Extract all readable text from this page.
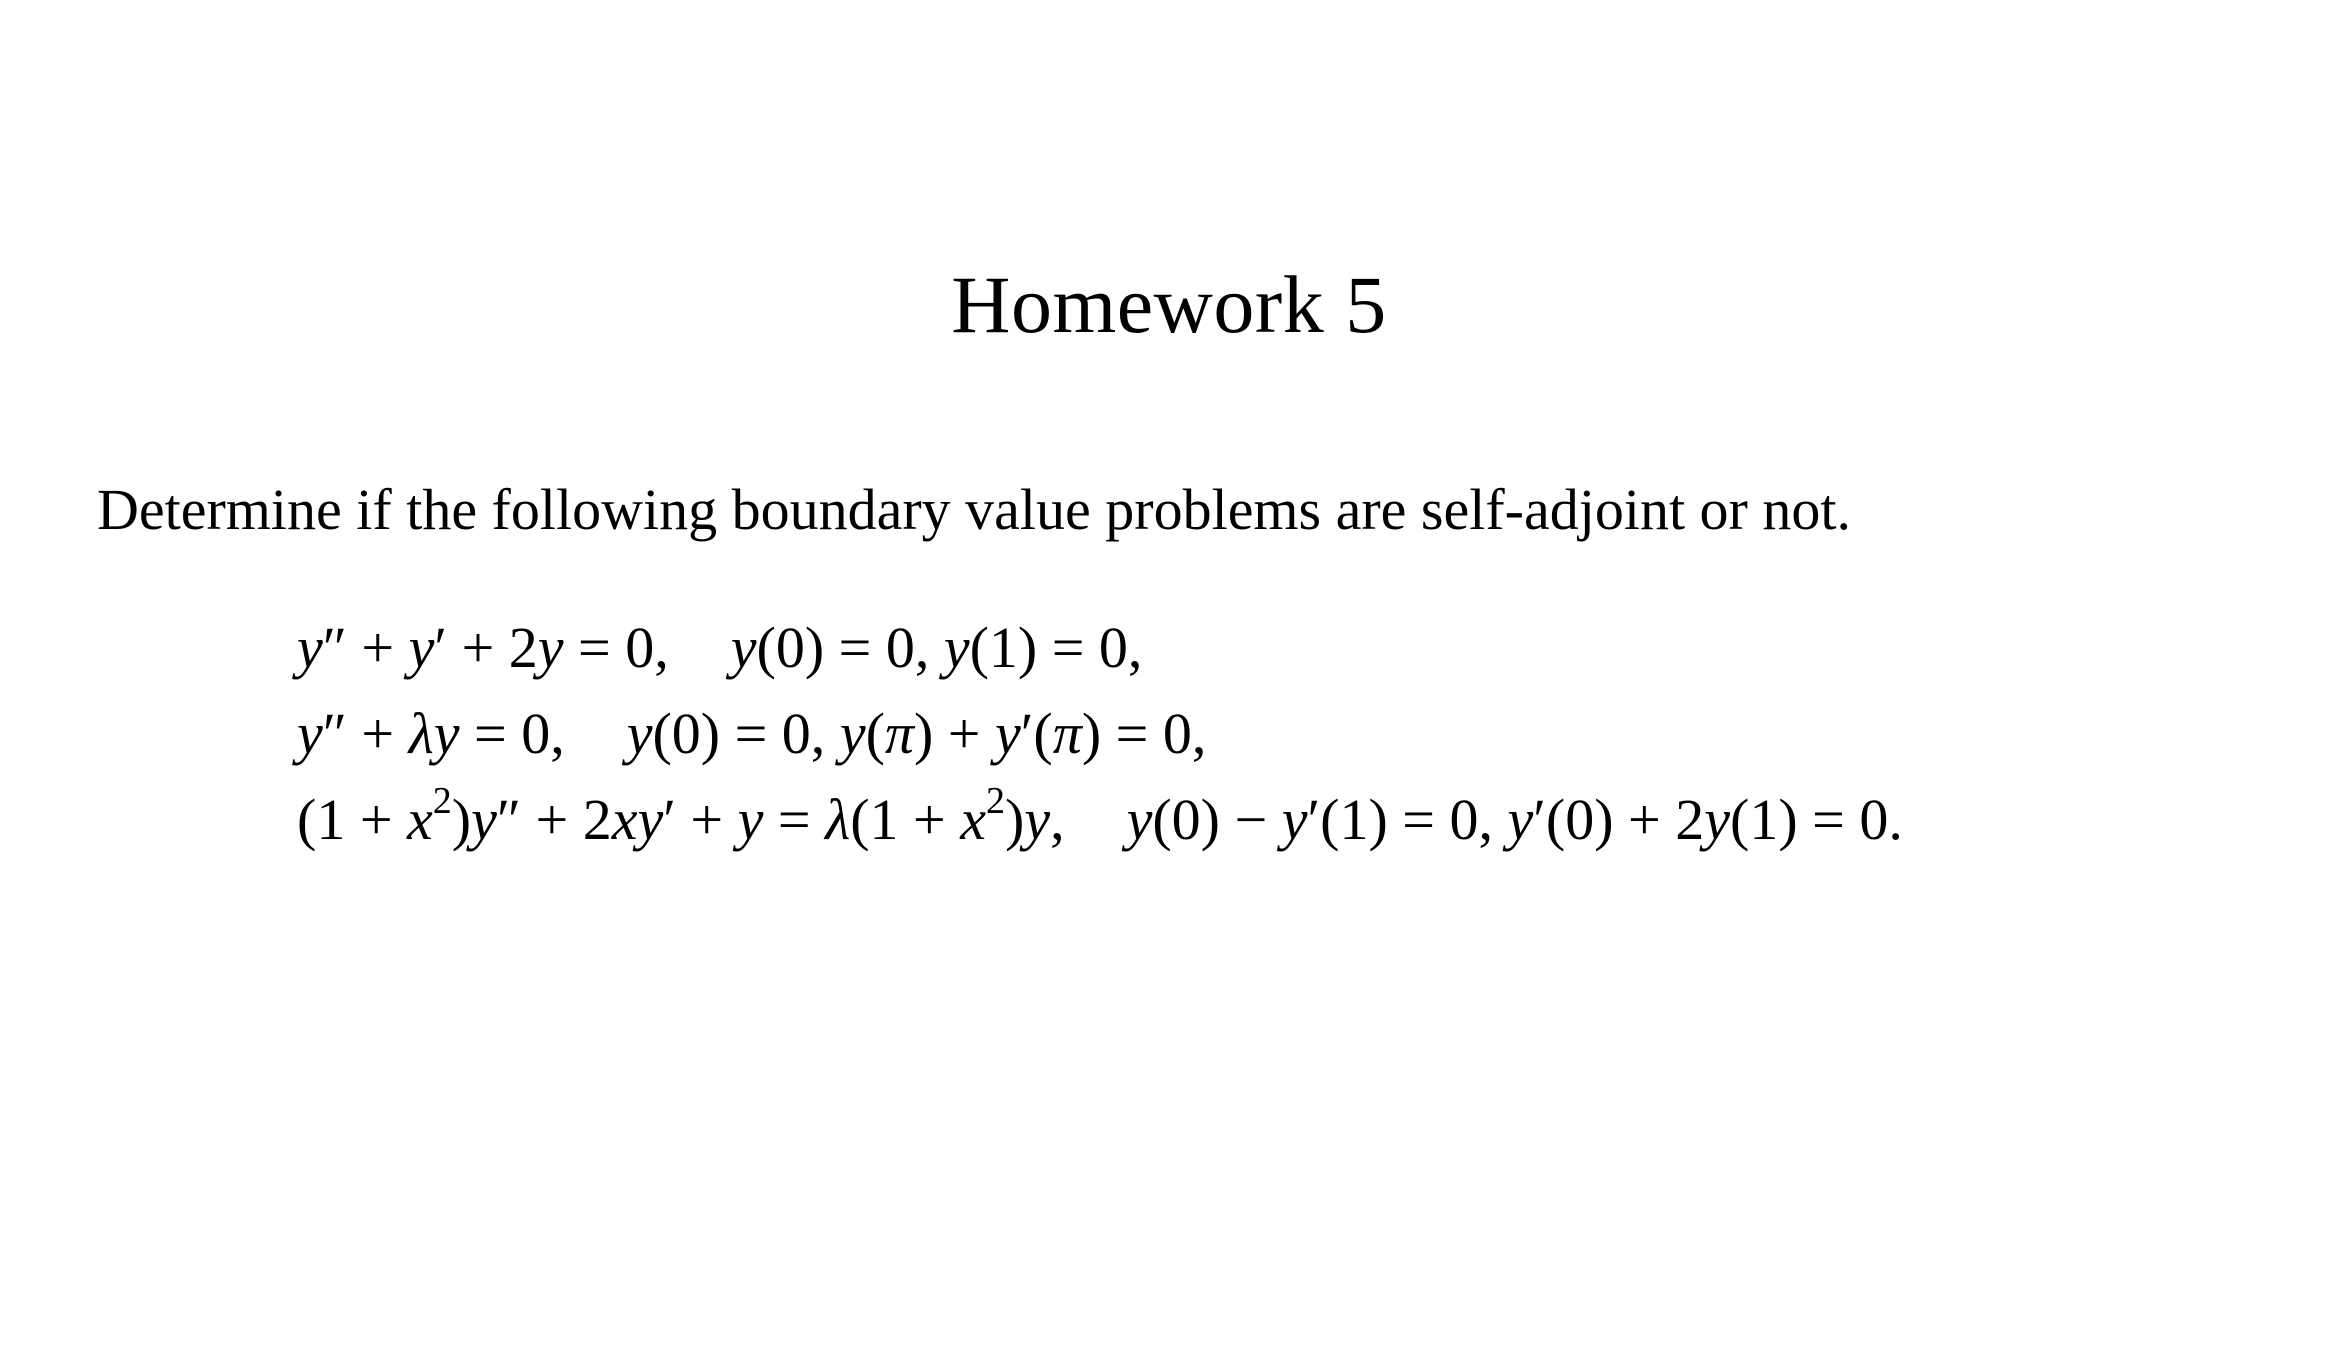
Homework 5
Determine if the following boundary value problems are self-adjoint or not.
y″ + y′ + 2y = 0, y(0) = 0, y(1) = 0,
y″ + λy = 0, y(0) = 0, y(π) + y′(π) = 0,
$(1 + x^2)y'' + 2xy' + y = \lambda(1 + x^2)y$, y(0) − y′(1) = 0, y′(0) + 2y(1) = 0.
